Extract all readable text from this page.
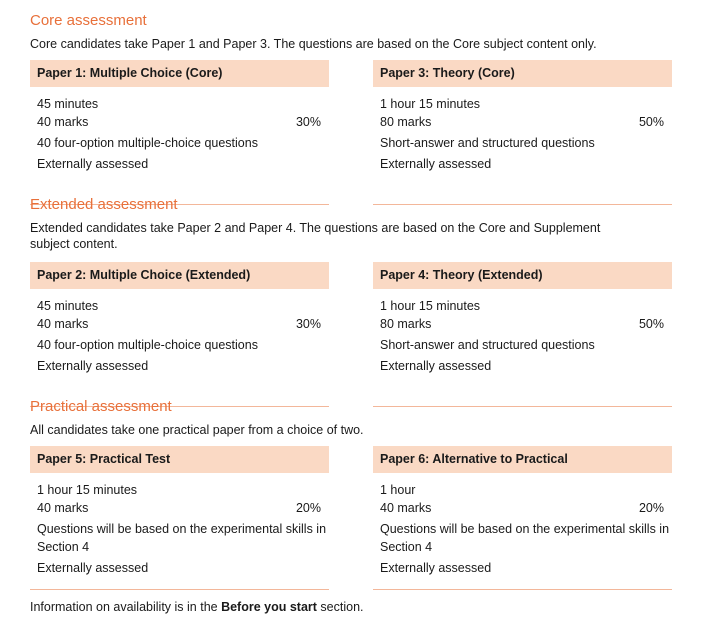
Core assessment
Core candidates take Paper 1 and Paper 3. The questions are based on the Core subject content only.
Paper 1: Multiple Choice (Core)
45 minutes
40 marks	30%
40 four-option multiple-choice questions
Externally assessed
Paper 3: Theory (Core)
1 hour 15 minutes
80 marks	50%
Short-answer and structured questions
Externally assessed
Extended assessment
Extended candidates take Paper 2 and Paper 4. The questions are based on the Core and Supplement subject content.
Paper 2: Multiple Choice (Extended)
45 minutes
40 marks	30%
40 four-option multiple-choice questions
Externally assessed
Paper 4: Theory (Extended)
1 hour 15 minutes
80 marks	50%
Short-answer and structured questions
Externally assessed
Practical assessment
All candidates take one practical paper from a choice of two.
Paper 5: Practical Test
1 hour 15 minutes
40 marks	20%
Questions will be based on the experimental skills in Section 4
Externally assessed
Paper 6: Alternative to Practical
1 hour
40 marks	20%
Questions will be based on the experimental skills in Section 4
Externally assessed
Information on availability is in the Before you start section.
